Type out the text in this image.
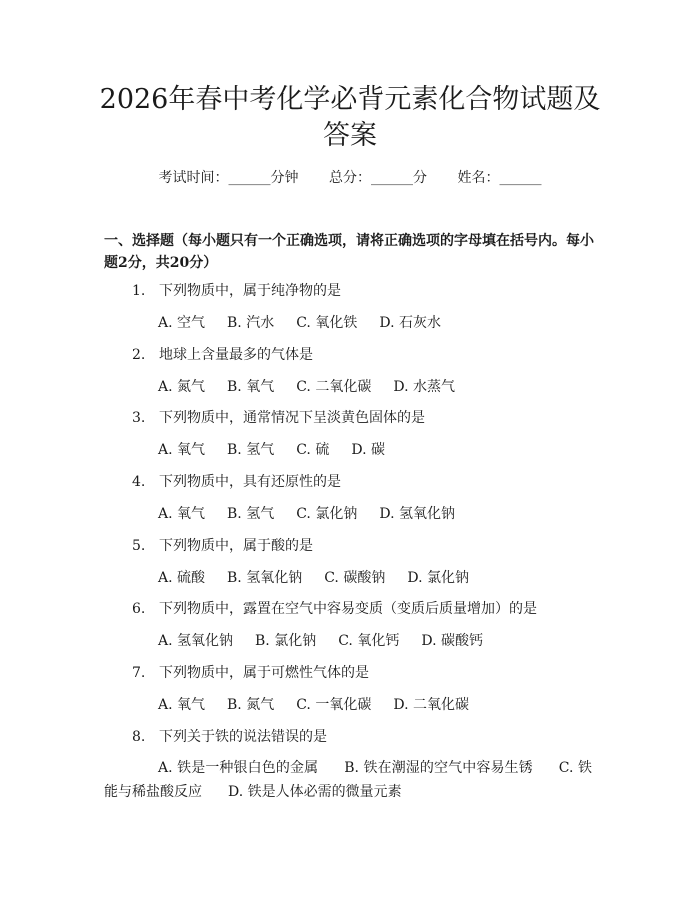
2026年春中考化学必背元素化合物试题及答案
考试时间：______分钟 总分：______分 姓名：______

一、选择题（每小题只有一个正确选项，请将正确选项的字母填在括号内。每小题2分，共20分）

1. 下列物质中，属于纯净物的是
A. 空气 B. 汽水 C. 氧化铁 D. 石灰水
2. 地球上含量最多的气体是
A. 氮气 B. 氧气 C. 二氧化碳 D. 水蒸气
3. 下列物质中，通常情况下呈淡黄色固体的是
A. 氧气 B. 氢气 C. 硫 D. 碳
4. 下列物质中，具有还原性的是
A. 氧气 B. 氢气 C. 氯化钠 D. 氢氧化钠
5. 下列物质中，属于酸的是
A. 硫酸 B. 氢氧化钠 C. 碳酸钠 D. 氯化钠
6. 下列物质中，露置在空气中容易变质（变质后质量增加）的是
A. 氢氧化钠 B. 氯化钠 C. 氧化钙 D. 碳酸钙
7. 下列物质中，属于可燃性气体的是
A. 氧气 B. 氮气 C. 一氧化碳 D. 二氧化碳
8. 下列关于铁的说法错误的是
A. 铁是一种银白色的金属 B. 铁在潮湿的空气中容易生锈 C. 铁能与稀盐酸反应 D. 铁是人体必需的微量元素
